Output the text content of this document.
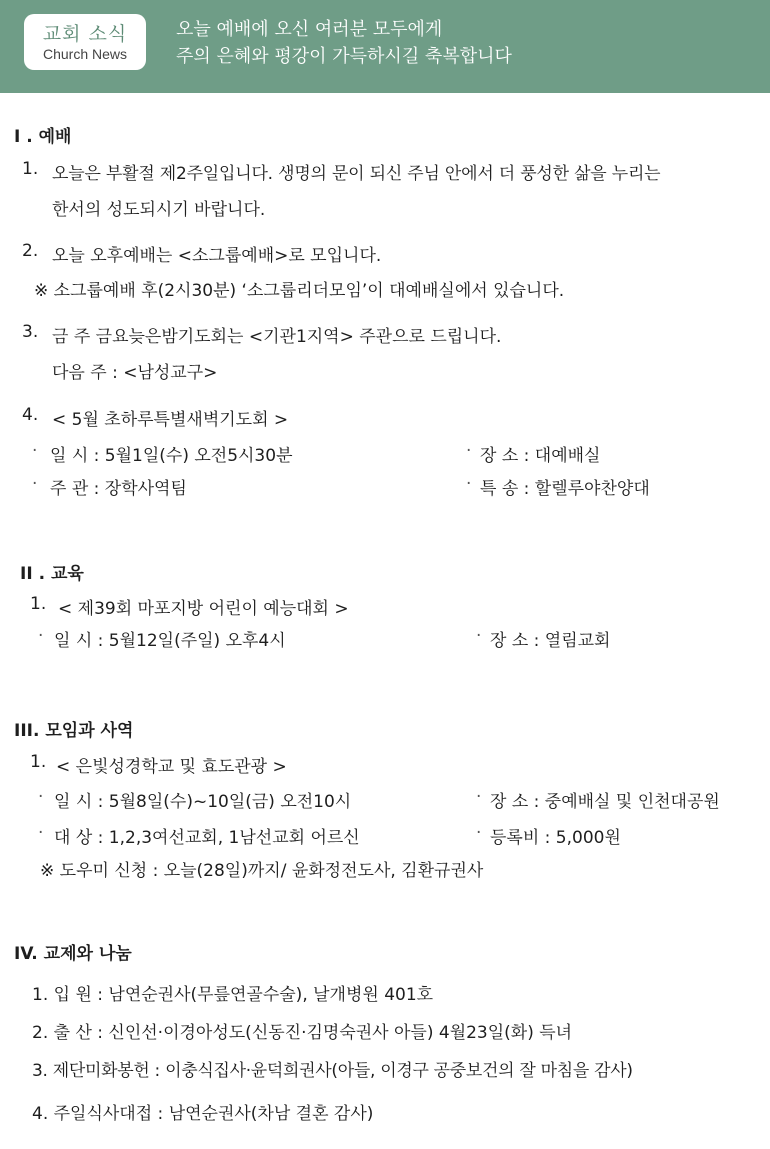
교회 소식
Church News
오늘 예배에 오신 여러분 모두에게
주의 은혜와 평강이 가득하시길 축복합니다
I . 예배
1. 오늘은 부활절 제2주일입니다. 생명의 문이 되신 주님 안에서 더 풍성한 삶을 누리는
한서의 성도되시기 바랍니다.
2. 오늘 오후예배는 <소그룹예배>로 모입니다.
※ 소그룹예배 후(2시30분) ‘소그룹리더모임’이 대예배실에서 있습니다.
3. 금 주 금요늦은밤기도회는 <기관1지역> 주관으로 드립니다.
다음 주 : <남성교구>
4. < 5월 초하루특별새벽기도회 >
· 일 시 : 5월1일(수) 오전5시30분	· 장 소 : 대예배실
· 주 관 : 장학사역팀	· 특 송 : 할렐루야찬양대
II . 교육
1. < 제39회 마포지방 어린이 예능대회 >
· 일 시 : 5월12일(주일) 오후4시	· 장 소 : 열림교회
III. 모임과 사역
1. < 은빛성경학교 및 효도관광 >
· 일 시 : 5월8일(수)~10일(금) 오전10시	· 장 소 : 중예배실 및 인천대공원
· 대 상 : 1,2,3여선교회, 1남선교회 어르신	· 등록비 : 5,000원
※ 도우미 신청 : 오늘(28일)까지/ 윤화정전도사, 김환규권사
IV. 교제와 나눔
1. 입 원 : 남연순권사(무릎연골수술), 날개병원 401호
2. 출 산 : 신인선·이경아성도(신동진·김명숙권사 아들) 4월23일(화) 득녀
3. 제단미화봉헌 : 이충식집사·윤덕희권사(아들, 이경구 공중보건의 잘 마침을 감사)
4. 주일식사대접 : 남연순권사(차남 결혼 감사)
